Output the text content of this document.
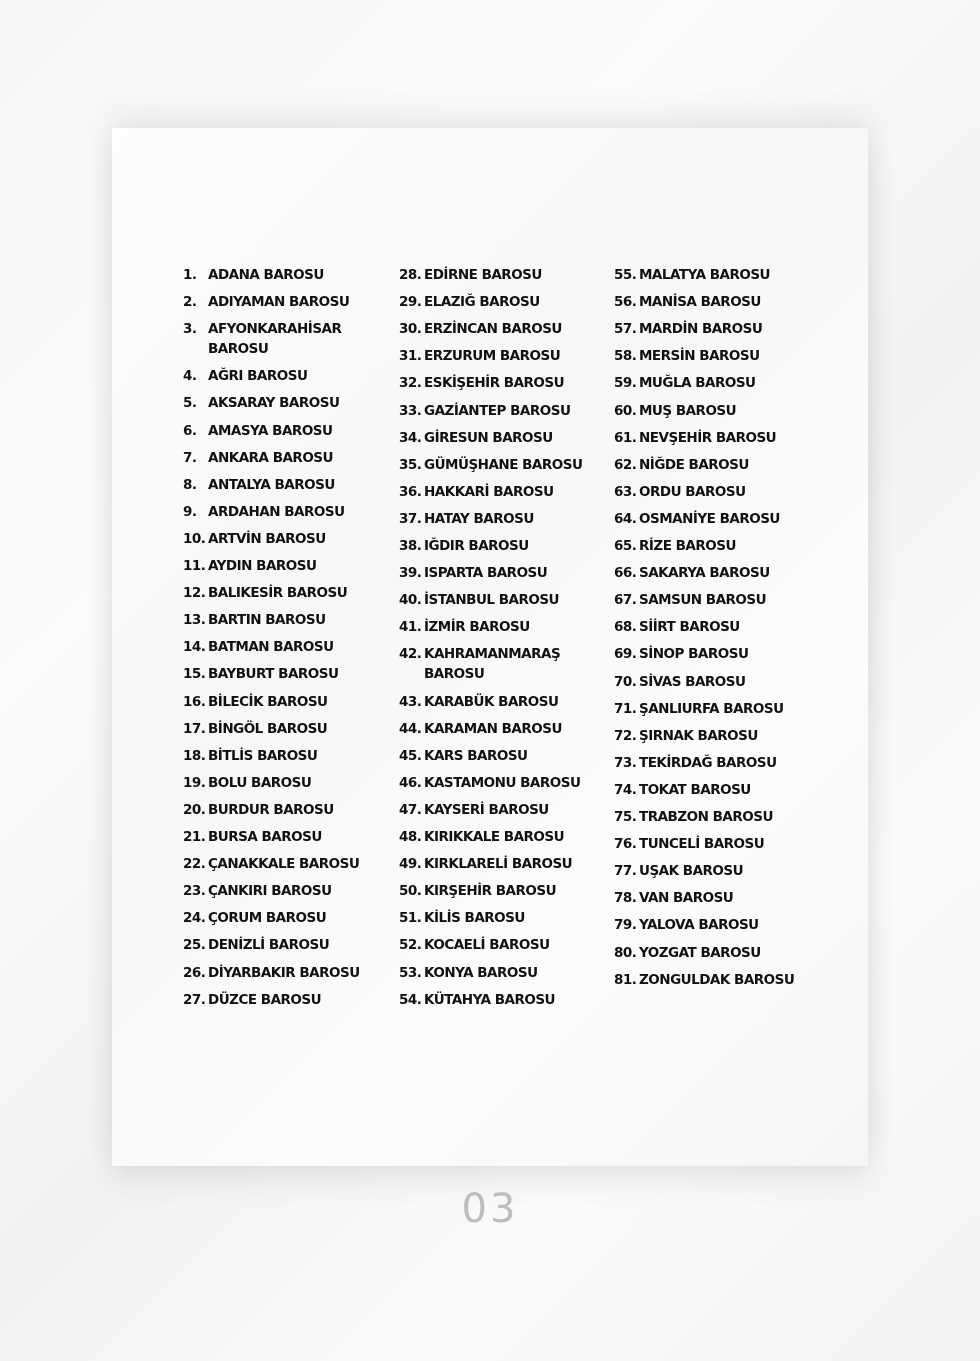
1. ADANA BAROSU
2. ADIYAMAN BAROSU
3. AFYONKARAHİSAR
BAROSU
4. AĞRI BAROSU
5. AKSARAY BAROSU
6. AMASYA BAROSU
7. ANKARA BAROSU
8. ANTALYA BAROSU
9. ARDAHAN BAROSU
10. ARTVİN BAROSU
11. AYDIN BAROSU
12. BALIKESİR BAROSU
13. BARTIN BAROSU
14. BATMAN BAROSU
15. BAYBURT BAROSU
16. BİLECİK BAROSU
17. BİNGÖL BAROSU
18. BİTLİS BAROSU
19. BOLU BAROSU
20. BURDUR BAROSU
21. BURSA BAROSU
22. ÇANAKKALE BAROSU
23. ÇANKIRI BAROSU
24. ÇORUM BAROSU
25. DENİZLİ BAROSU
26. DİYARBAKIR BAROSU
27. DÜZCE BAROSU
28. EDİRNE BAROSU
29. ELAZIĞ BAROSU
30. ERZİNCAN BAROSU
31. ERZURUM BAROSU
32. ESKİŞEHİR BAROSU
33. GAZİANTEP BAROSU
34. GİRESUN BAROSU
35. GÜMÜŞHANE BAROSU
36. HAKKARİ BAROSU
37. HATAY BAROSU
38. IĞDIR BAROSU
39. ISPARTA BAROSU
40. İSTANBUL BAROSU
41. İZMİR BAROSU
42. KAHRAMANMARAŞ
BAROSU
43. KARABÜK BAROSU
44. KARAMAN BAROSU
45. KARS BAROSU
46. KASTAMONU BAROSU
47. KAYSERİ BAROSU
48. KIRIKKALE BAROSU
49. KIRKLARELİ BAROSU
50. KIRŞEHİR BAROSU
51. KİLİS BAROSU
52. KOCAELİ BAROSU
53. KONYA BAROSU
54. KÜTAHYA BAROSU
55. MALATYA BAROSU
56. MANİSA BAROSU
57. MARDİN BAROSU
58. MERSİN BAROSU
59. MUĞLA BAROSU
60. MUŞ BAROSU
61. NEVŞEHİR BAROSU
62. NİĞDE BAROSU
63. ORDU BAROSU
64. OSMANİYE BAROSU
65. RİZE BAROSU
66. SAKARYA BAROSU
67. SAMSUN BAROSU
68. SİİRT BAROSU
69. SİNOP BAROSU
70. SİVAS BAROSU
71. ŞANLIURFA BAROSU
72. ŞIRNAK BAROSU
73. TEKİRDAĞ BAROSU
74. TOKAT BAROSU
75. TRABZON BAROSU
76. TUNCELİ BAROSU
77. UŞAK BAROSU
78. VAN BAROSU
79. YALOVA BAROSU
80. YOZGAT BAROSU
81. ZONGULDAK BAROSU
03
